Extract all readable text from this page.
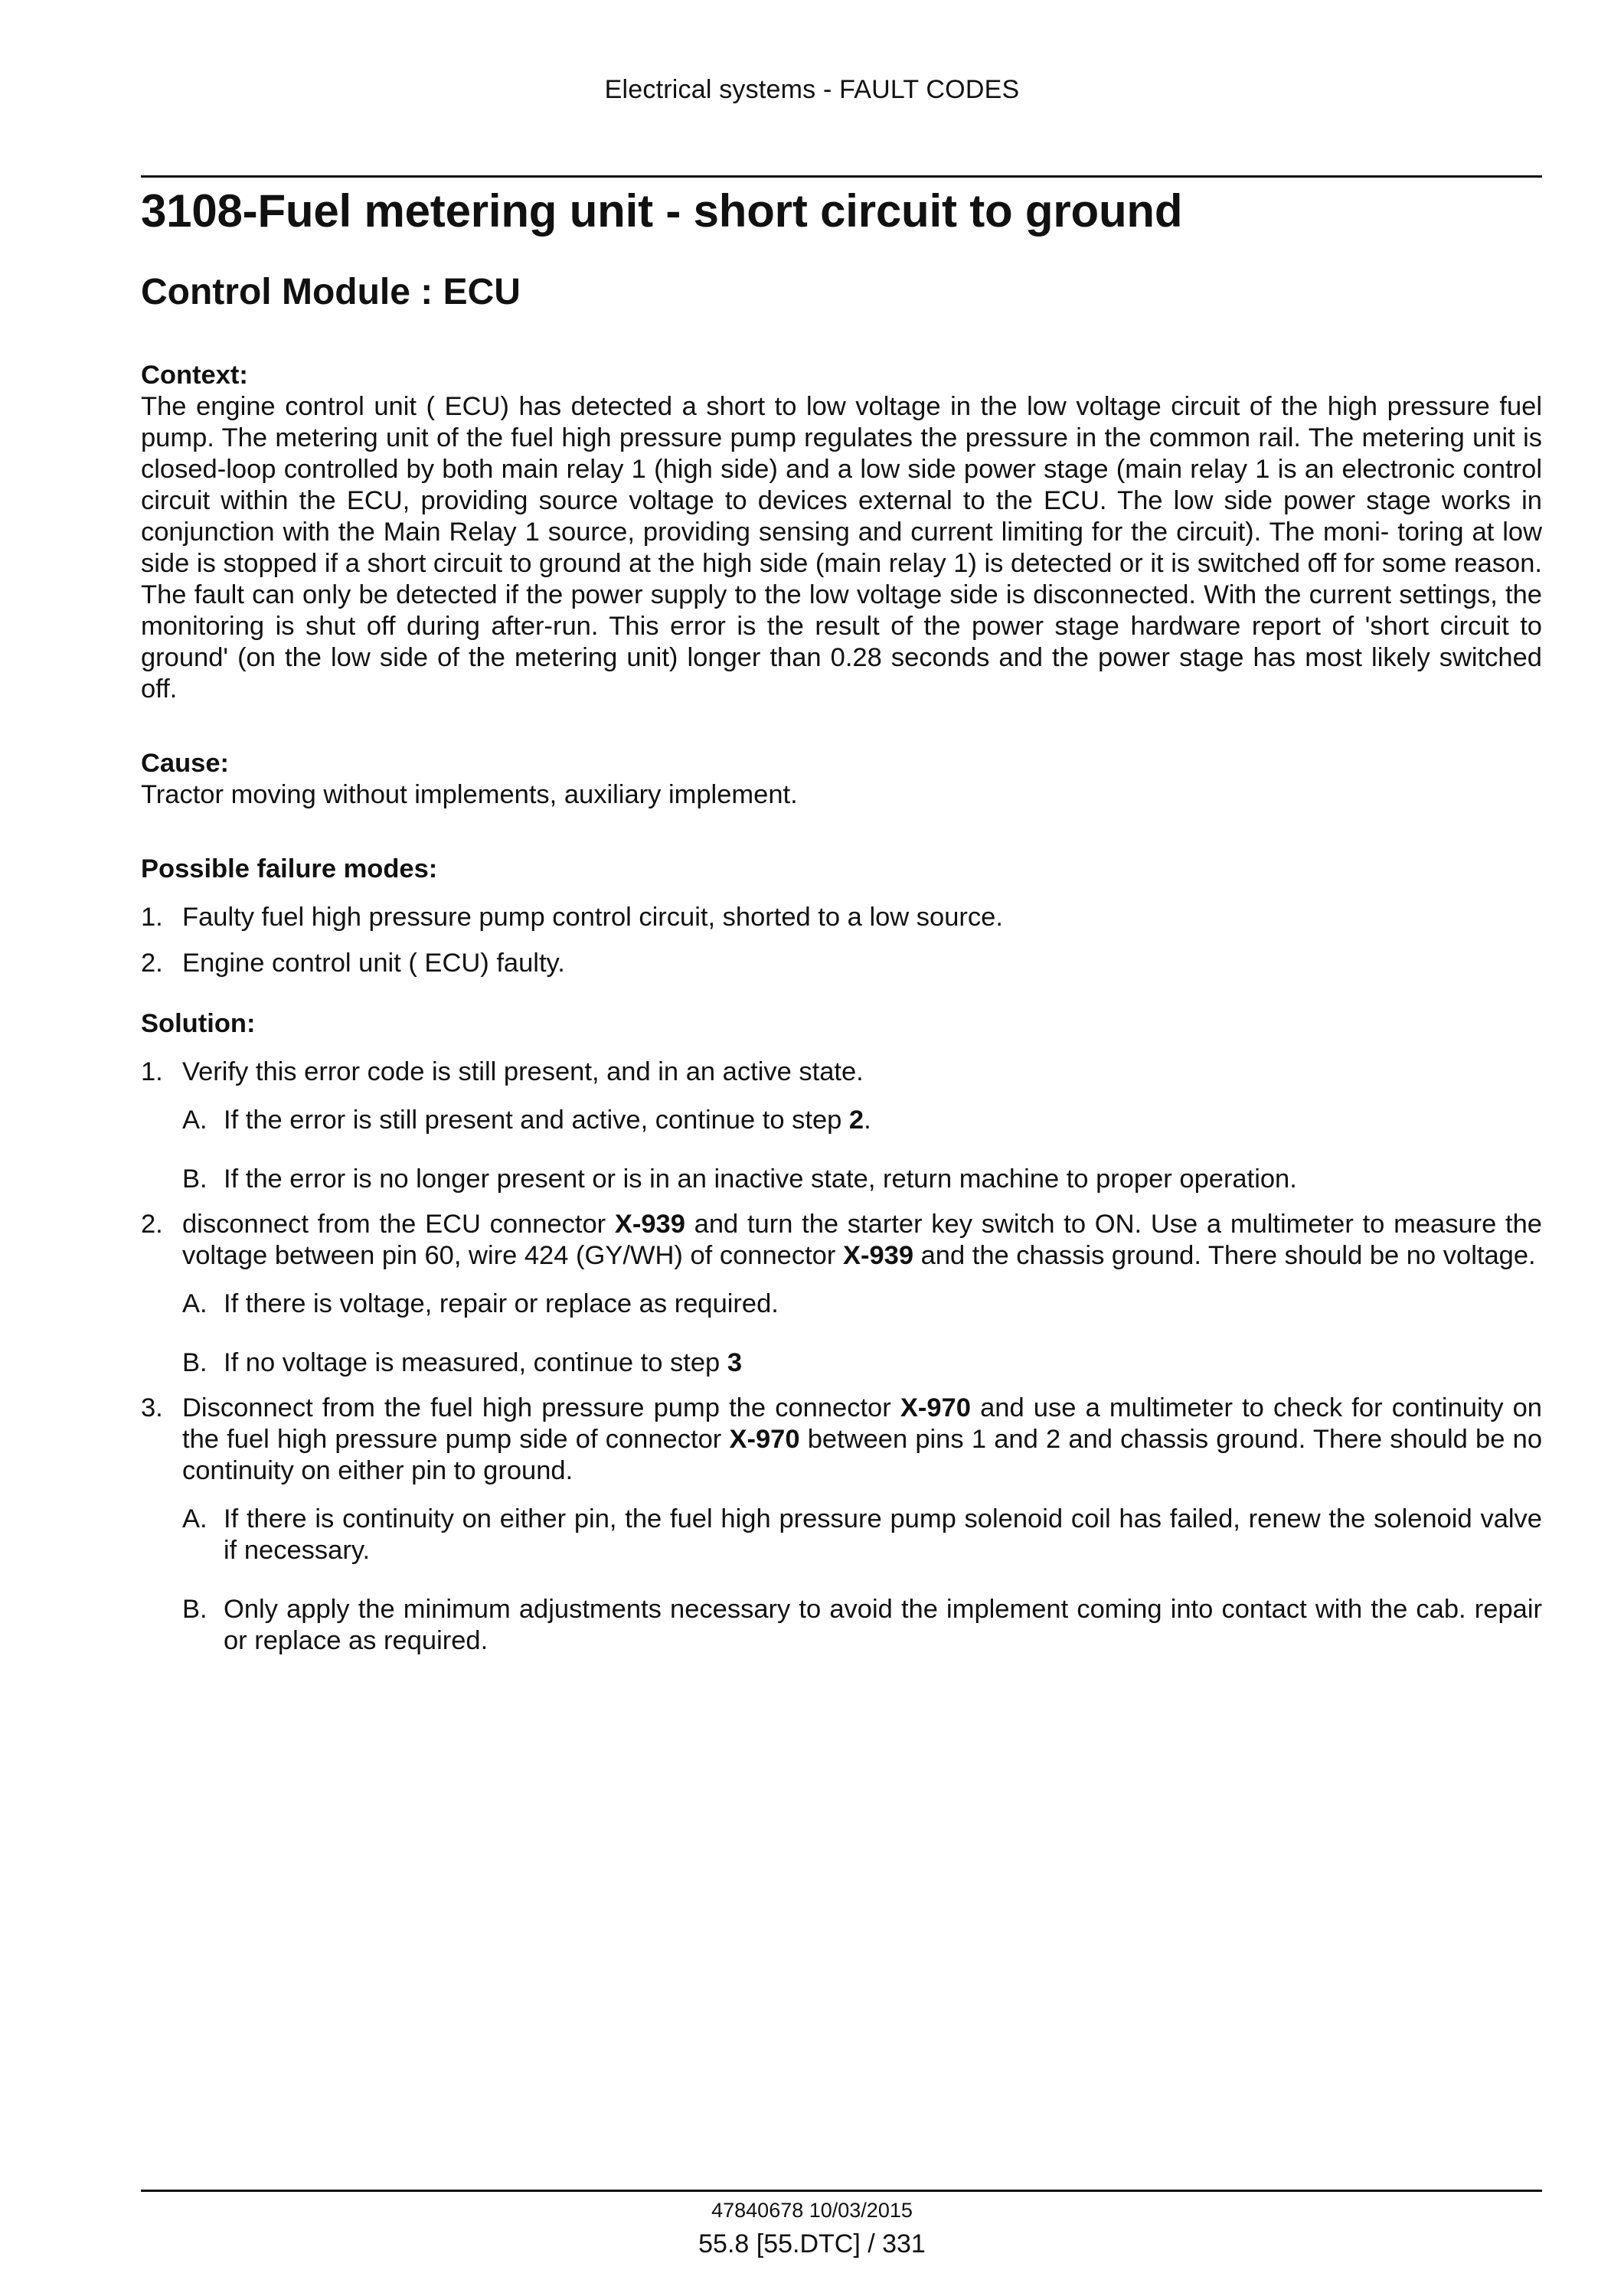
Electrical systems - FAULT CODES
3108-Fuel metering unit - short circuit to ground
Control Module : ECU
Context:

The engine control unit ( ECU) has detected a short to low voltage in the low voltage circuit of the high pressure fuel pump. The metering unit of the fuel high pressure pump regulates the pressure in the common rail. The metering unit is closed-loop controlled by both main relay 1 (high side) and a low side power stage (main relay 1 is an electronic control circuit within the ECU, providing source voltage to devices external to the ECU. The low side power stage works in conjunction with the Main Relay 1 source, providing sensing and current limiting for the circuit). The moni- toring at low side is stopped if a short circuit to ground at the high side (main relay 1) is detected or it is switched off for some reason. The fault can only be detected if the power supply to the low voltage side is disconnected. With the current settings, the monitoring is shut off during after-run. This error is the result of the power stage hardware report of 'short circuit to ground' (on the low side of the metering unit) longer than 0.28 seconds and the power stage has most likely switched off.

Cause:
Tractor moving without implements, auxiliary implement.
Possible failure modes:
1. Faulty fuel high pressure pump control circuit, shorted to a low source.
2. Engine control unit ( ECU) faulty.
Solution:
1. Verify this error code is still present, and in an active state.
A. If the error is still present and active, continue to step 2.
B. If the error is no longer present or is in an inactive state, return machine to proper operation.
2. disconnect from the ECU connector X-939 and turn the starter key switch to ON. Use a multimeter to measure the voltage between pin 60, wire 424 (GY/WH) of connector X-939 and the chassis ground. There should be no voltage.
A. If there is voltage, repair or replace as required.
B. If no voltage is measured, continue to step 3
3. Disconnect from the fuel high pressure pump the connector X-970 and use a multimeter to check for continuity on the fuel high pressure pump side of connector X-970 between pins 1 and 2 and chassis ground. There should be no continuity on either pin to ground.
A. If there is continuity on either pin, the fuel high pressure pump solenoid coil has failed, renew the solenoid valve if necessary.
B. Only apply the minimum adjustments necessary to avoid the implement coming into contact with the cab. repair or replace as required.
47840678 10/03/2015
55.8 [55.DTC] / 331
